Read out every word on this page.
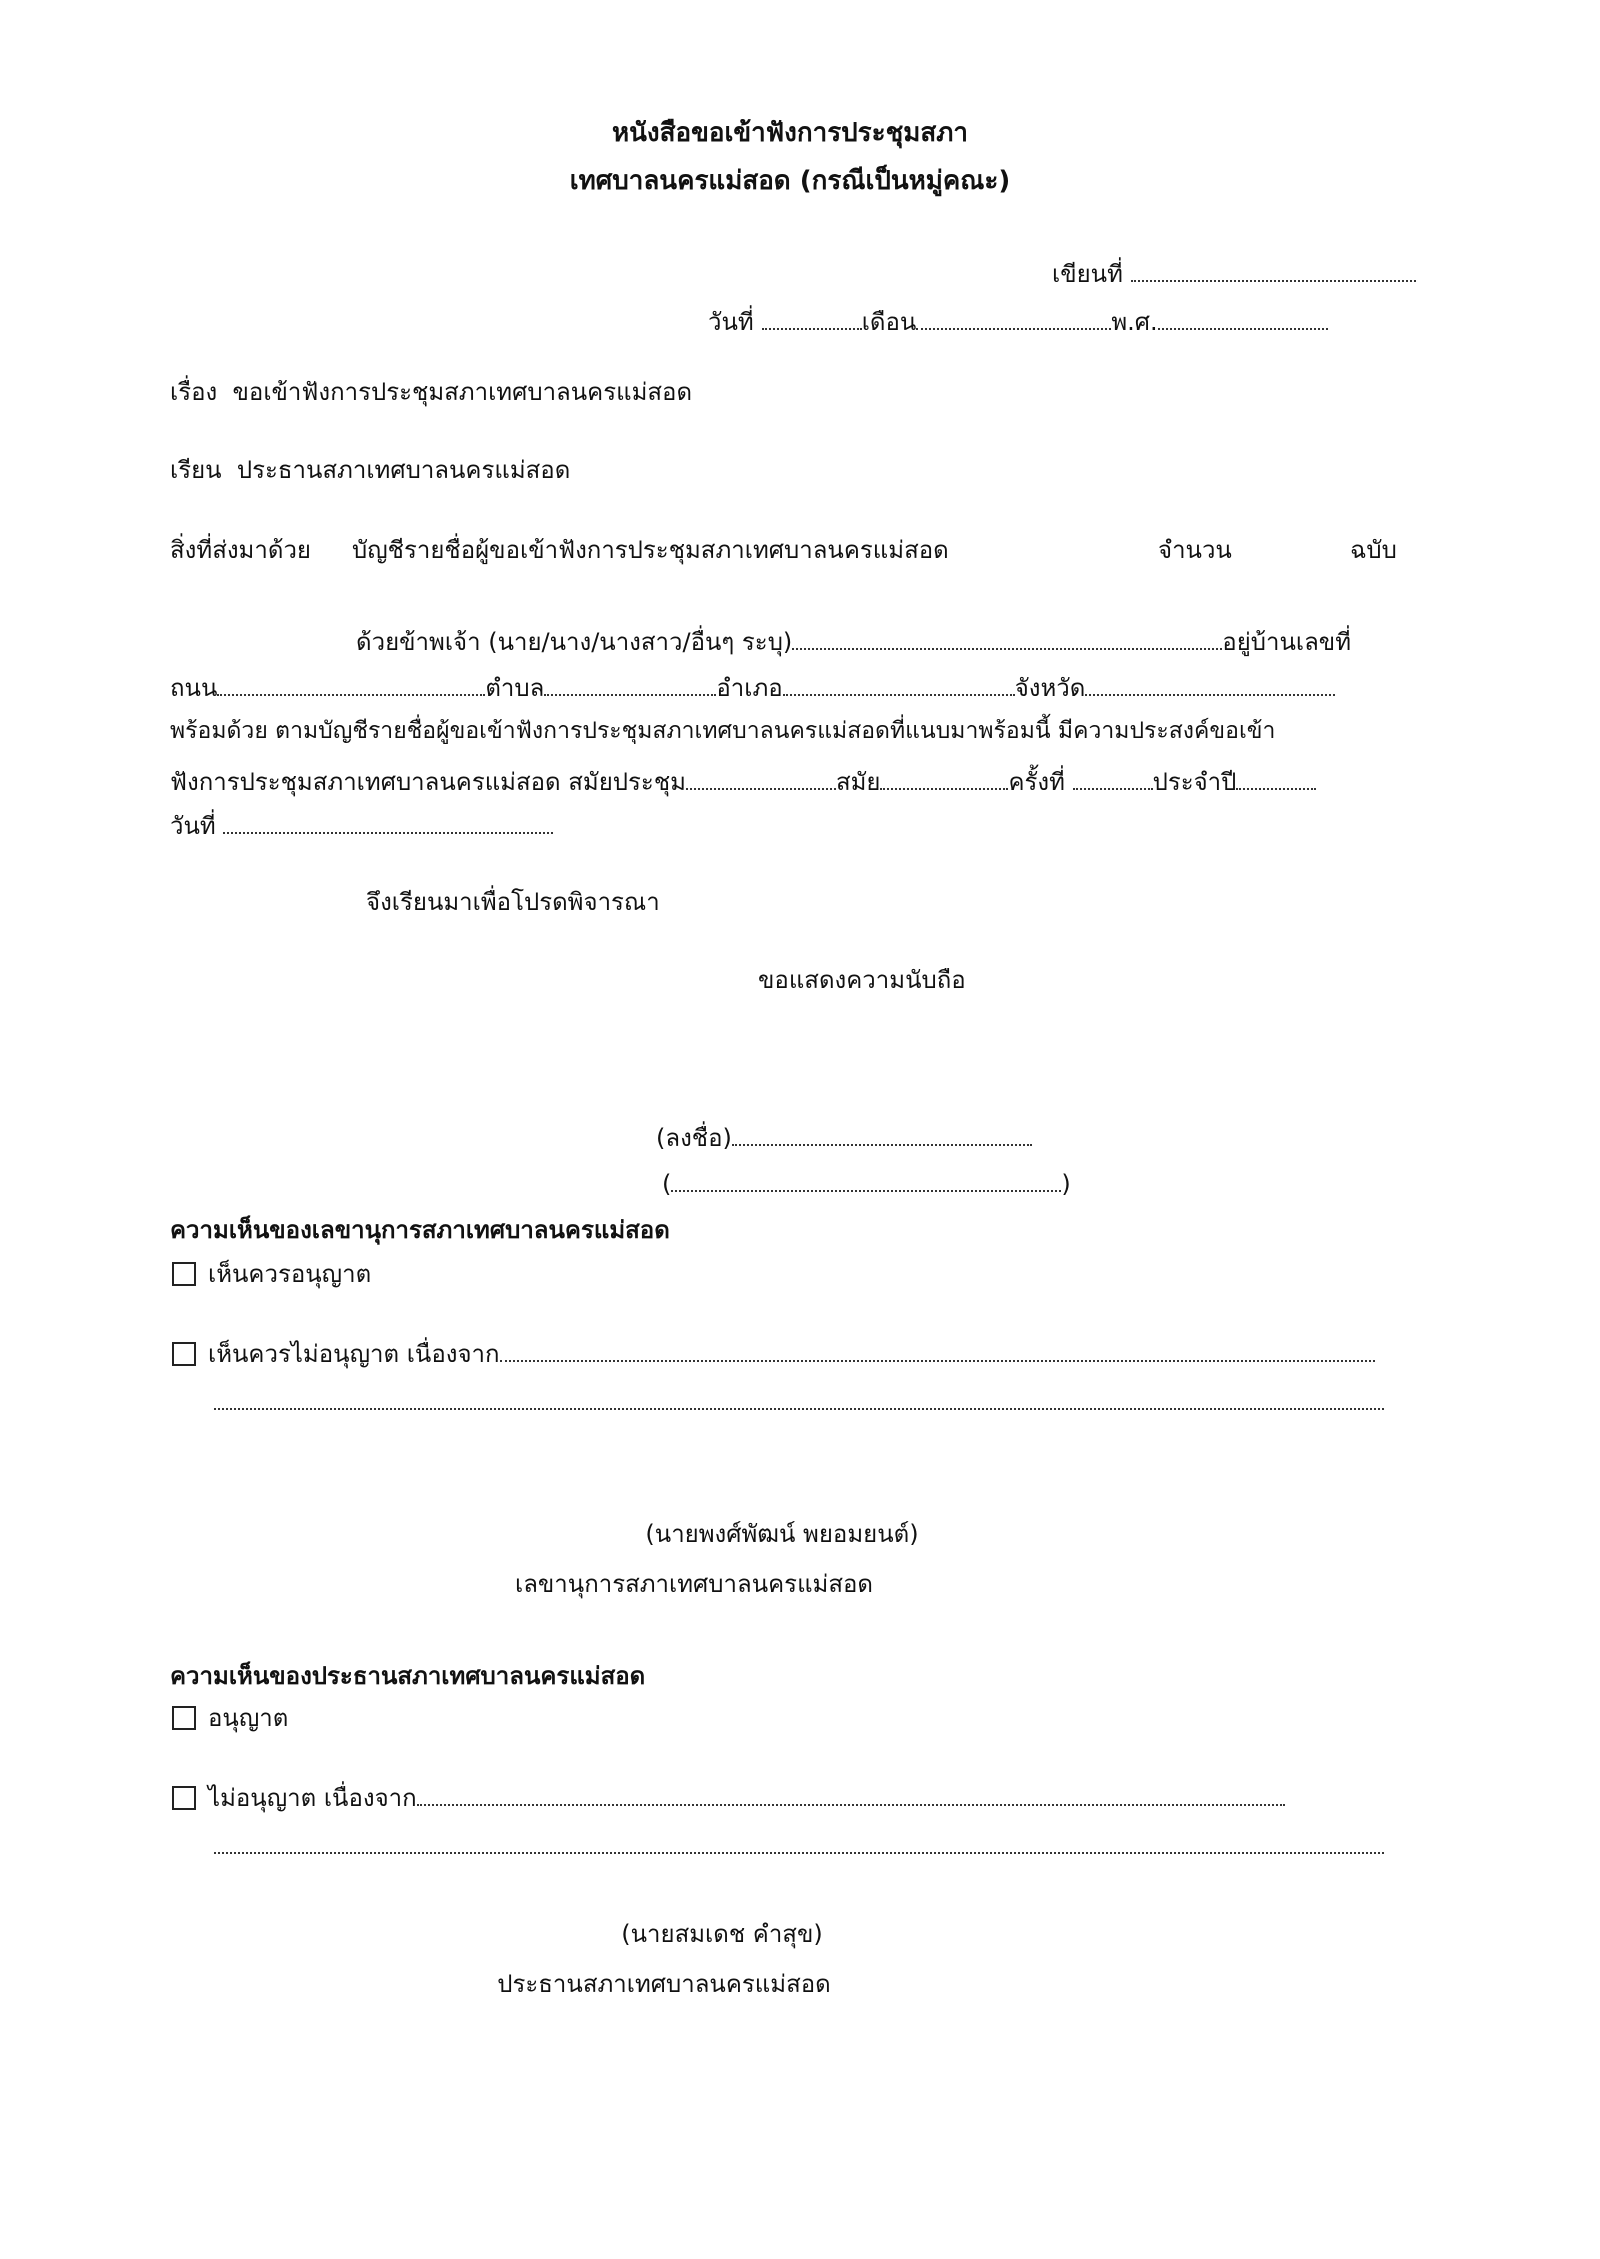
หนังสือขอเข้าฟังการประชุมสภา
เทศบาลนครแม่สอด (กรณีเป็นหมู่คณะ)
เขียนที่
วันที่	เดือน	พ.ศ.
เรื่อง ขอเข้าฟังการประชุมสภาเทศบาลนครแม่สอด
เรียน ประธานสภาเทศบาลนครแม่สอด
สิ่งที่ส่งมาด้วย บัญชีรายชื่อผู้ขอเข้าฟังการประชุมสภาเทศบาลนครแม่สอด	จำนวน	ฉบับ
ด้วยข้าพเจ้า (นาย/นาง/นางสาว/อื่นๆ ระบุ)	อยู่บ้านเลขที่
ถนน	ตำบล	อำเภอ	จังหวัด
พร้อมด้วย ตามบัญชีรายชื่อผู้ขอเข้าฟังการประชุมสภาเทศบาลนครแม่สอดที่แนบมาพร้อมนี้ มีความประสงค์ขอเข้า
ฟังการประชุมสภาเทศบาลนครแม่สอด สมัยประชุม	สมัย	ครั้งที่	ประจำปี
วันที่
จึงเรียนมาเพื่อโปรดพิจารณา
ขอแสดงความนับถือ
(ลงชื่อ)
(	)
ความเห็นของเลขานุการสภาเทศบาลนครแม่สอด
เห็นควรอนุญาต
เห็นควรไม่อนุญาต เนื่องจาก
(นายพงศ์พัฒน์ พยอมยนต์)
เลขานุการสภาเทศบาลนครแม่สอด
ความเห็นของประธานสภาเทศบาลนครแม่สอด
อนุญาต
ไม่อนุญาต เนื่องจาก
(นายสมเดช คำสุข)
ประธานสภาเทศบาลนครแม่สอด
